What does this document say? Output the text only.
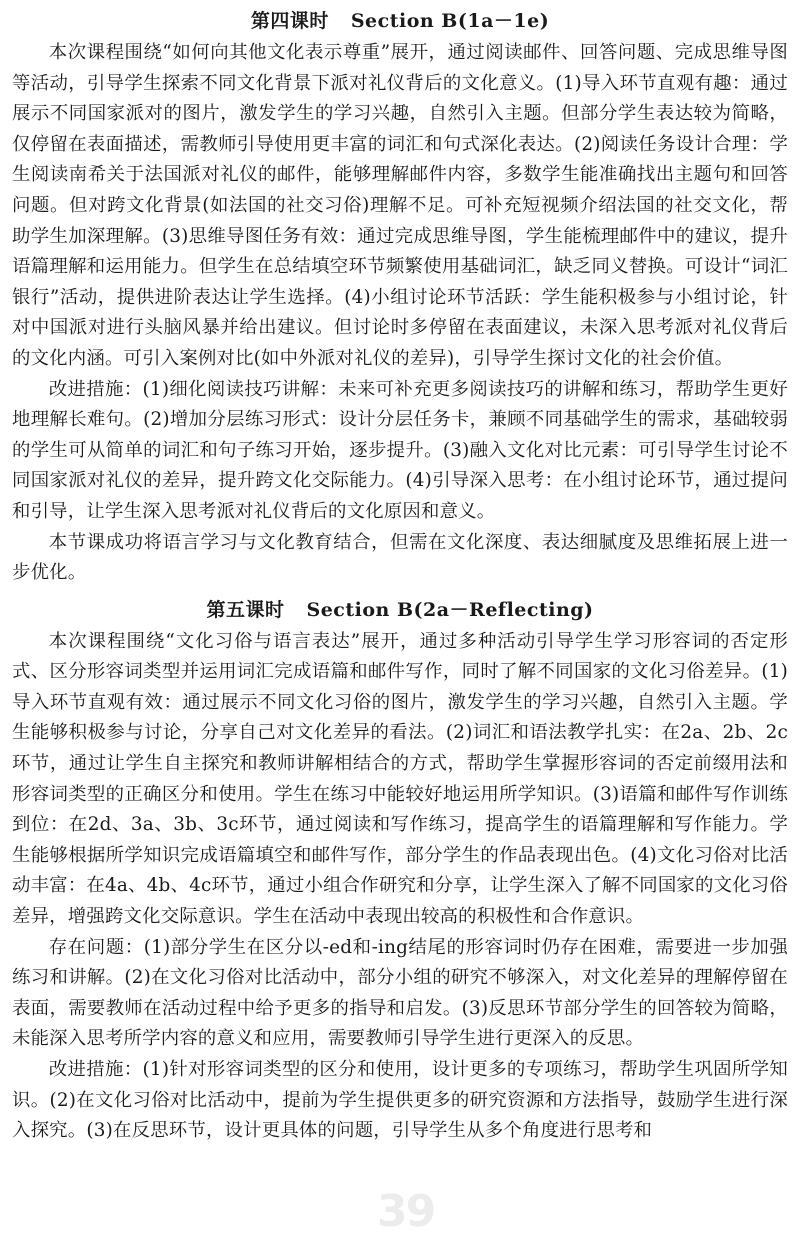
第四课时 Section B(1a－1e)

本次课程围绕“如何向其他文化表示尊重”展开，通过阅读邮件、回答问题、完成思维导图等活动，引导学生探索不同文化背景下派对礼仪背后的文化意义。(1)导入环节直观有趣：通过展示不同国家派对的图片，激发学生的学习兴趣，自然引入主题。但部分学生表达较为简略，仅停留在表面描述，需教师引导使用更丰富的词汇和句式深化表达。(2)阅读任务设计合理：学生阅读南希关于法国派对礼仪的邮件，能够理解邮件内容，多数学生能准确找出主题句和回答问题。但对跨文化背景(如法国的社交习俗)理解不足。可补充短视频介绍法国的社交文化，帮助学生加深理解。(3)思维导图任务有效：通过完成思维导图，学生能梳理邮件中的建议，提升语篇理解和运用能力。但学生在总结填空环节频繁使用基础词汇，缺乏同义替换。可设计“词汇银行”活动，提供进阶表达让学生选择。(4)小组讨论环节活跃：学生能积极参与小组讨论，针对中国派对进行头脑风暴并给出建议。但讨论时多停留在表面建议，未深入思考派对礼仪背后的文化内涵。可引入案例对比(如中外派对礼仪的差异)，引导学生探讨文化的社会价值。

改进措施：(1)细化阅读技巧讲解：未来可补充更多阅读技巧的讲解和练习，帮助学生更好地理解长难句。(2)增加分层练习形式：设计分层任务卡，兼顾不同基础学生的需求，基础较弱的学生可从简单的词汇和句子练习开始，逐步提升。(3)融入文化对比元素：可引导学生讨论不同国家派对礼仪的差异，提升跨文化交际能力。(4)引导深入思考：在小组讨论环节，通过提问和引导，让学生深入思考派对礼仪背后的文化原因和意义。

本节课成功将语言学习与文化教育结合，但需在文化深度、表达细腻度及思维拓展上进一步优化。

第五课时 Section B(2a－Reflecting)

本次课程围绕“文化习俗与语言表达”展开，通过多种活动引导学生学习形容词的否定形式、区分形容词类型并运用词汇完成语篇和邮件写作，同时了解不同国家的文化习俗差异。(1)导入环节直观有效：通过展示不同文化习俗的图片，激发学生的学习兴趣，自然引入主题。学生能够积极参与讨论，分享自己对文化差异的看法。(2)词汇和语法教学扎实：在2a、2b、2c环节，通过让学生自主探究和教师讲解相结合的方式，帮助学生掌握形容词的否定前缀用法和形容词类型的正确区分和使用。学生在练习中能较好地运用所学知识。(3)语篇和邮件写作训练到位：在2d、3a、3b、3c环节，通过阅读和写作练习，提高学生的语篇理解和写作能力。学生能够根据所学知识完成语篇填空和邮件写作，部分学生的作品表现出色。(4)文化习俗对比活动丰富：在4a、4b、4c环节，通过小组合作研究和分享，让学生深入了解不同国家的文化习俗差异，增强跨文化交际意识。学生在活动中表现出较高的积极性和合作意识。

存在问题：(1)部分学生在区分以-ed和-ing结尾的形容词时仍存在困难，需要进一步加强练习和讲解。(2)在文化习俗对比活动中，部分小组的研究不够深入，对文化差异的理解停留在表面，需要教师在活动过程中给予更多的指导和启发。(3)反思环节部分学生的回答较为简略，未能深入思考所学内容的意义和应用，需要教师引导学生进行更深入的反思。

改进措施：(1)针对形容词类型的区分和使用，设计更多的专项练习，帮助学生巩固所学知识。(2)在文化习俗对比活动中，提前为学生提供更多的研究资源和方法指导，鼓励学生进行深入探究。(3)在反思环节，设计更具体的问题，引导学生从多个角度进行思考和

39
